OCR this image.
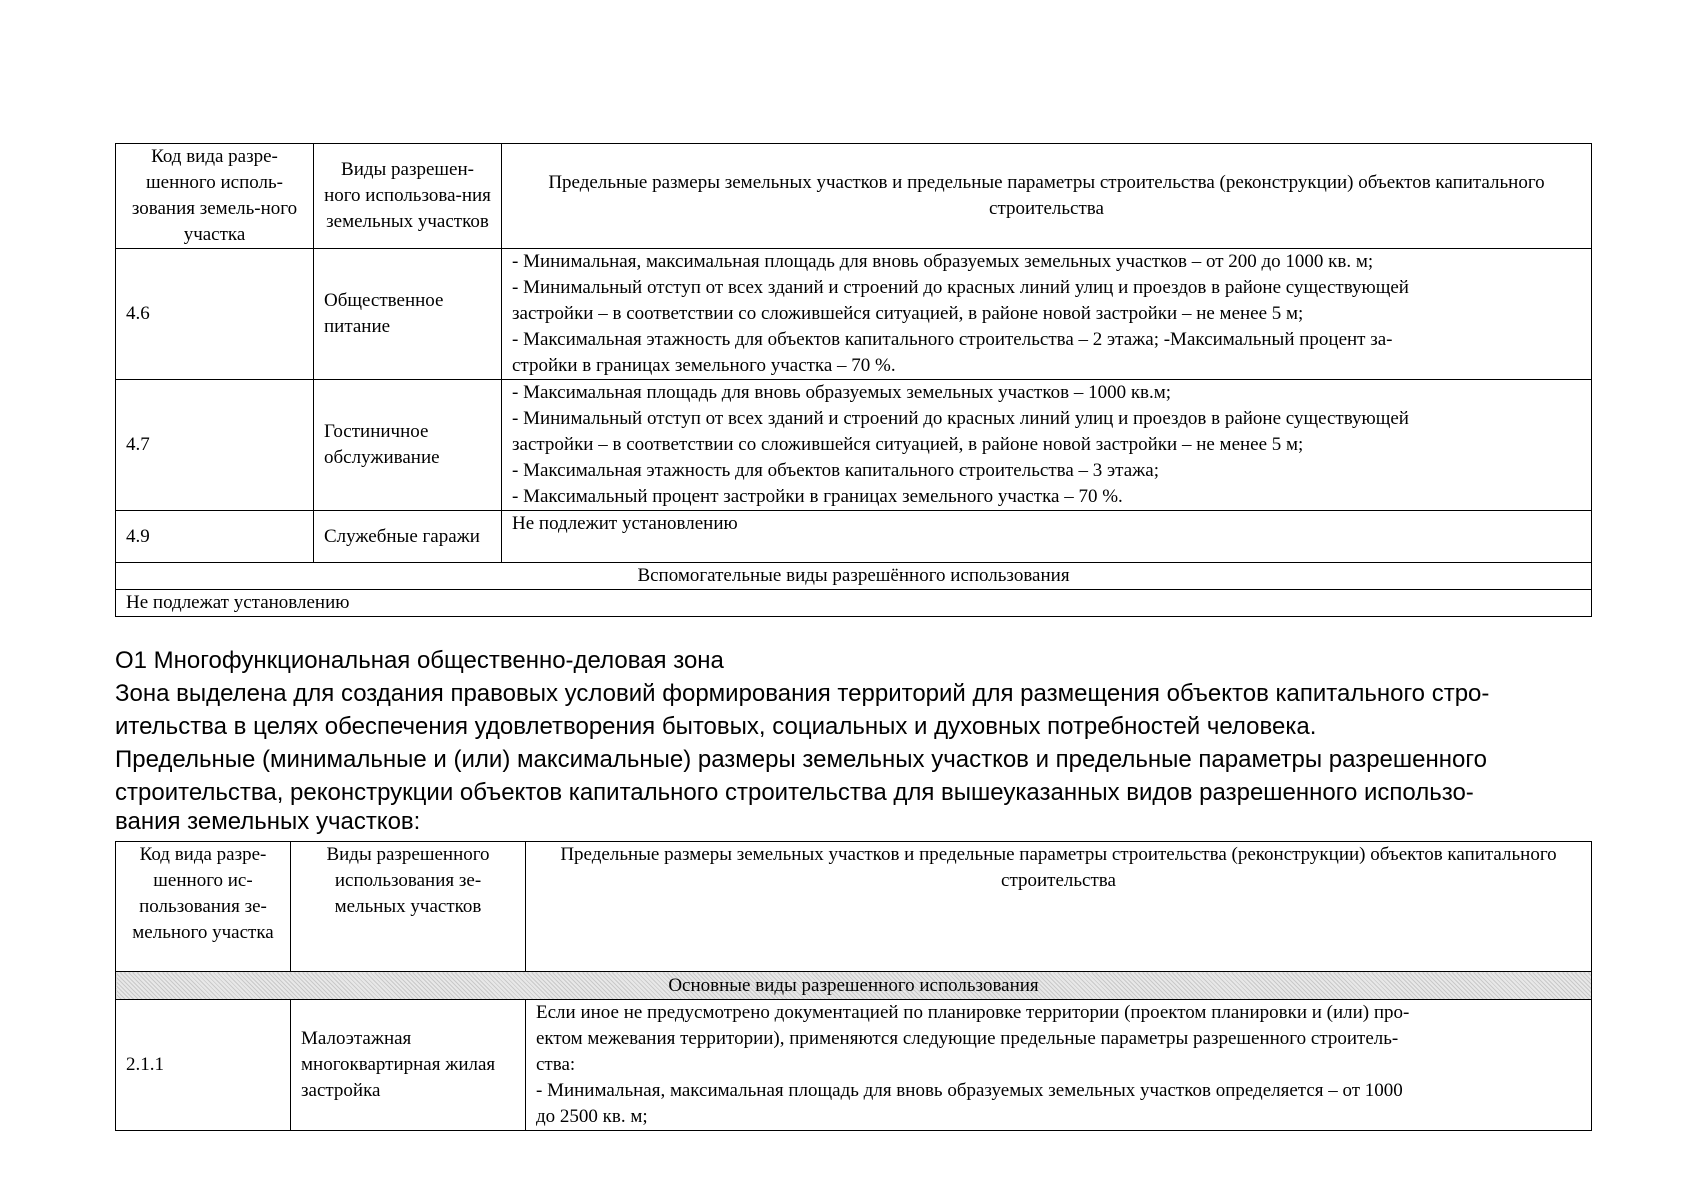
Код вида разре-шенного исполь-зования земель-ного участка	Виды разрешен-ного использова-ния земельных участков	Предельные размеры земельных участков и предельные параметры строительства (реконструкции) объектов капитального строительства
4.6	Общественное питание	- Минимальная, максимальная площадь для вновь образуемых земельных участков – от 200 до 1000 кв. м;
- Минимальный отступ от всех зданий и строений до красных линий улиц и проездов в районе существующей
застройки – в соответствии со сложившейся ситуацией, в районе новой застройки – не менее 5 м;
- Максимальная этажность для объектов капитального строительства – 2 этажа; -Максимальный процент за-
стройки в границах земельного участка – 70 %.

4.7	Гостиничное обслуживание	- Максимальная площадь для вновь образуемых земельных участков – 1000 кв.м;
- Минимальный отступ от всех зданий и строений до красных линий улиц и проездов в районе существующей
застройки – в соответствии со сложившейся ситуацией, в районе новой застройки – не менее 5 м;
- Максимальная этажность для объектов капитального строительства – 3 этажа;
- Максимальный процент застройки в границах земельного участка – 70 %.

4.9	Служебные гаражи	Не подлежит установлению

Вспомогательные виды разрешённого использования		
Не подлежат установлению		
О1 Многофункциональная общественно-деловая зона
Зона выделена для создания правовых условий формирования территорий для размещения объектов капитального стро-
ительства в целях обеспечения удовлетворения бытовых, социальных и духовных потребностей человека.
Предельные (минимальные и (или) максимальные) размеры земельных участков и предельные параметры разрешенного
строительства, реконструкции объектов капитального строительства для вышеуказанных видов разрешенного использо-
вания земельных участков:
Код вида разре-шенного ис-пользования зе-мельного участка	Виды разрешенного использования зе-мельных участков	Предельные размеры земельных участков и предельные параметры строительства (реконструкции) объектов капитального строительства
Основные виды разрешенного использования		
2.1.1	Малоэтажная многоквартирная жилая застройка	Если иное не предусмотрено документацией по планировке территории (проектом планировки и (или) про-
ектом межевания территории), применяются следующие предельные параметры разрешенного строитель-
ства:
- Минимальная, максимальная площадь для вновь образуемых земельных участков определяется – от 1000
до 2500 кв. м;
